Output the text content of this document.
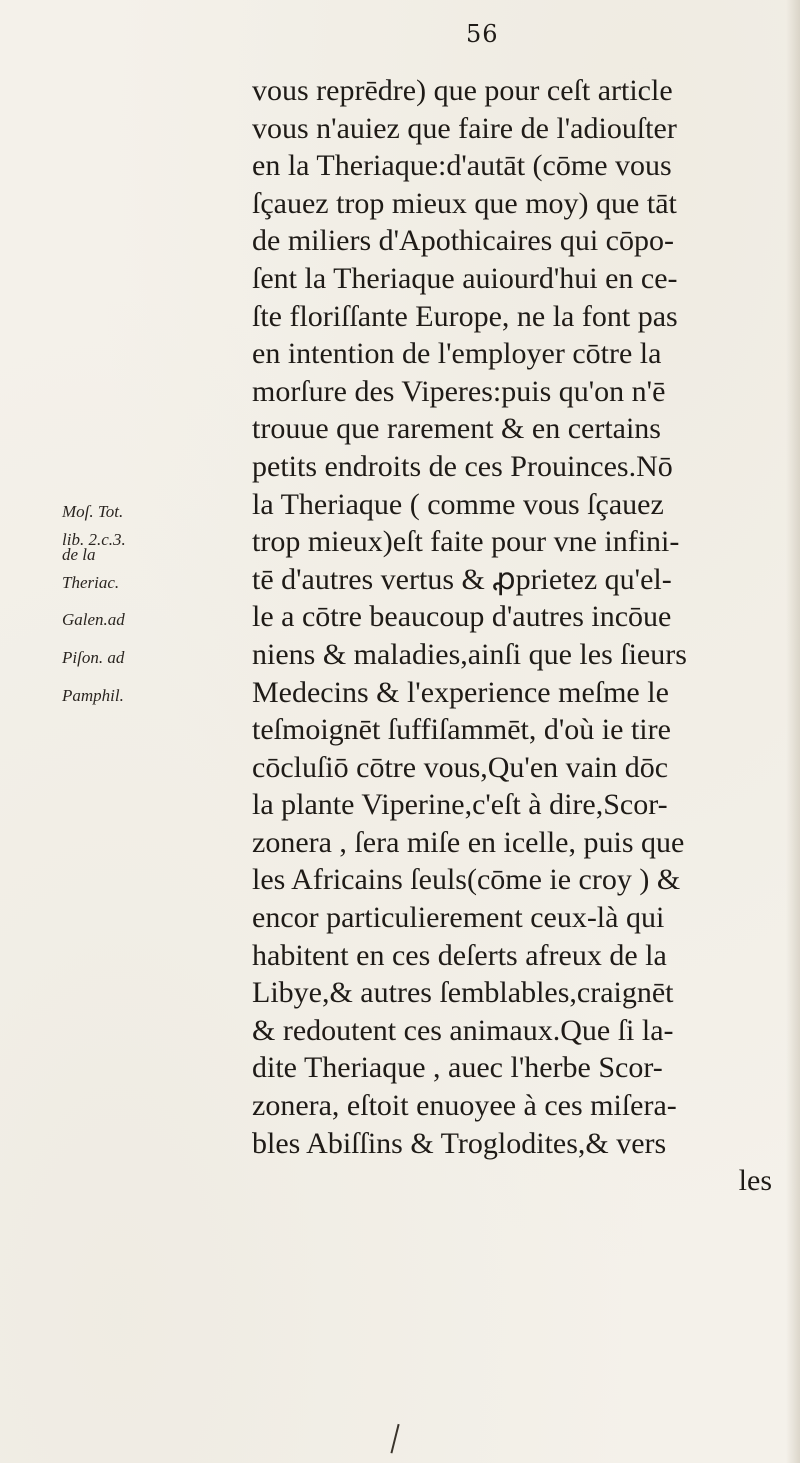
56
Moſ. Tot.
lib. 2.c.3.
de la
Theriac.
Galen.ad
Piſon. ad
Pamphil.
vous reprēdre) que pour ceſt article
vous n'auiez que faire de l'adiouſter
en la Theriaque:d'autāt (cōme vous
ſçauez trop mieux que moy) que tāt
de miliers d'Apothicaires qui cōpo-
ſent la Theriaque auiourd'hui en ce-
ſte floriſſante Europe, ne la font pas
en intention de l'employer cōtre la
morſure des Viperes:puis qu'on n'ē
trouue que rarement & en certains
petits endroits de ces Prouinces.Nō
la Theriaque ( comme vous ſçauez
trop mieux)eſt faite pour vne infini-
tē d'autres vertus & ꝓprietez qu'el-
le a cōtre beaucoup d'autres incōue
niens & maladies,ainſi que les ſieurs
Medecins & l'experience meſme le
teſmoignēt ſuffiſammēt, d'où ie tire
cōcluſiō cōtre vous,Qu'en vain dōc
la plante Viperine,c'eſt à dire,Scor-
zonera , ſera miſe en icelle, puis que
les Africains ſeuls(cōme ie croy ) &
encor particulierement ceux-là qui
habitent en ces deſerts afreux de la
Libye,& autres ſemblables,craignēt
& redoutent ces animaux.Que ſi la-
dite Theriaque , auec l'herbe Scor-
zonera, eſtoit enuoyee à ces miſera-
bles Abiſſins & Troglodites,& vers
les
